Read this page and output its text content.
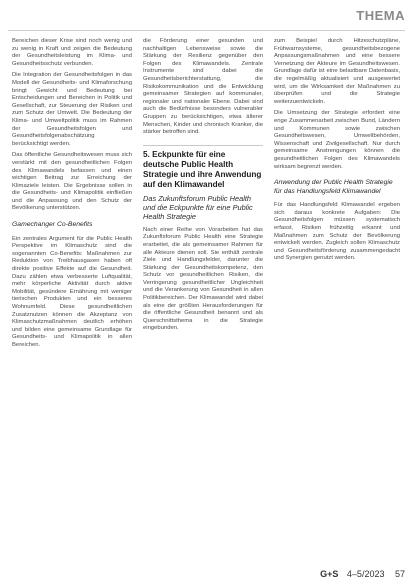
THEMA

Bereichen dieser Krise sind noch wenig und zu wenig in Kraft und zeigen die Bedeutung der Gesundheitsleistung im Klima- und Gesundheitsschutz verbunden.

Die Integration der Gesundheitsfolgen in das Modell der Gesundheits- und Klimaforschung bringt Gewicht und Bedeutung bei Entscheidungen und Bereichen in Politik und Gesellschaft, zur Steuerung der Risiken und zum Schutz der Umwelt. Die Bedeutung der Klima- und Umweltpolitik muss im Rahmen der Gesundheitsfolgen und Gesundheitsfolgenabschätzung berücksichtigt werden.

Das öffentliche Gesundheitswesen muss sich verstärkt mit den gesundheitlichen Folgen des Klimawandels befassen und einen wichtigen Beitrag zur Erreichung der Klimaziele leisten. Die Ergebnisse sollen in die Gesundheits- und Klimapolitik einfließen und die Anpassung und den Schutz der Bevölkerung unterstützen.

Gamechanger Co-Benefits

Ein zentrales Argument für die Public Health Perspektive im Klimaschutz sind die sogenannten Co-Benefits: Maßnahmen zur Reduktion von Treibhausgasen haben oft direkte positive Effekte auf die Gesundheit. Dazu zählen etwa verbesserte Luftqualität, mehr körperliche Aktivität durch aktive Mobilität, gesündere Ernährung mit weniger tierischen Produkten und ein besseres Wohnumfeld. Diese gesundheitlichen Zusatznutzen können die Akzeptanz von Klimaschutzmaßnahmen deutlich erhöhen und bilden eine gemeinsame Grundlage für Gesundheits- und Klimapolitik in allen Bereichen.

die Förderung einer gesunden und nachhaltigen Lebensweise sowie die Stärkung der Resilienz gegenüber den Folgen des Klimawandels. Zentrale Instrumente sind dabei die Gesundheitsberichterstattung, die Risikokommunikation und die Entwicklung gemeinsamer Strategien auf kommunaler, regionaler und nationaler Ebene. Dabei sind auch die Bedürfnisse besonders vulnerabler Gruppen zu berücksichtigen, etwa älterer Menschen, Kinder und chronisch Kranker, die stärker betroffen sind.

5. Eckpunkte für eine deutsche Public Health Strategie und ihre Anwendung auf den Klimawandel
Das Zukunftsforum Public Health und die Eckpunkte für eine Public Health Strategie

Nach einer Reihe von Vorarbeiten hat das Zukunftsforum Public Health eine Strategie erarbeitet, die als gemeinsamer Rahmen für alle Akteure dienen soll. Sie enthält zentrale Ziele und Handlungsfelder, darunter die Stärkung der Gesundheitskompetenz, den Schutz vor gesundheitlichen Risiken, die Verringerung gesundheitlicher Ungleichheit und die Verankerung von Gesundheit in allen Politikbereichen. Der Klimawandel wird dabei als eine der größten Herausforderungen für die öffentliche Gesundheit benannt und als Querschnittsthema in die Strategie eingebunden.

zum Beispiel durch Hitzeschutzpläne, Frühwarnsysteme, gesundheitsbezogene Anpassungsmaßnahmen und eine bessere Vernetzung der Akteure im Gesundheitswesen. Grundlage dafür ist eine belastbare Datenbasis, die regelmäßig aktualisiert und ausgewertet wird, um die Wirksamkeit der Maßnahmen zu überprüfen und die Strategie weiterzuentwickeln.

Die Umsetzung der Strategie erfordert eine enge Zusammenarbeit zwischen Bund, Ländern und Kommunen sowie zwischen Gesundheitswesen, Umweltbehörden, Wissenschaft und Zivilgesellschaft. Nur durch gemeinsame Anstrengungen können die gesundheitlichen Folgen des Klimawandels wirksam begrenzt werden.

Anwendung der Public Health Strategie für das Handlungsfeld Klimawandel

Für das Handlungsfeld Klimawandel ergeben sich daraus konkrete Aufgaben: Die Gesundheitsfolgen müssen systematisch erfasst, Risiken frühzeitig erkannt und Maßnahmen zum Schutz der Bevölkerung entwickelt werden. Zugleich sollen Klimaschutz und Gesundheitsförderung zusammengedacht und Synergien genutzt werden.

G+S 4–5/2023 57
